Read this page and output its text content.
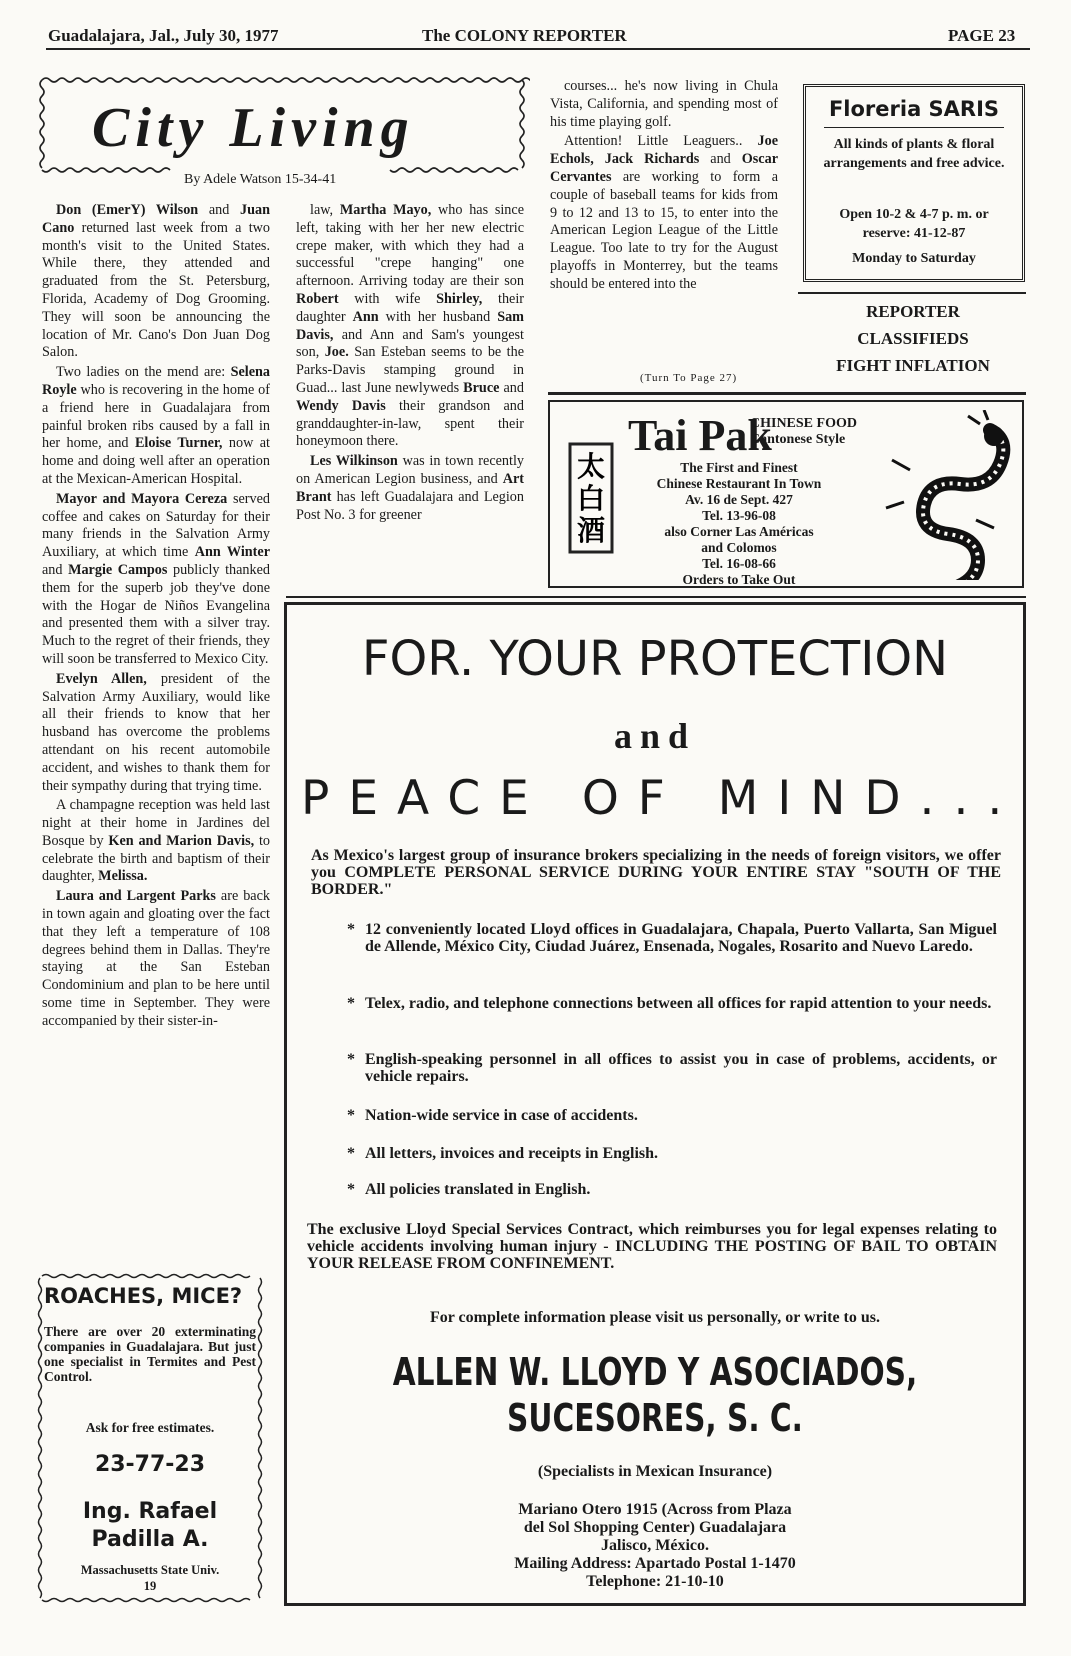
Guadalajara, Jal., July 30, 1977	The COLONY REPORTER	PAGE 23
City Living
By Adele Watson 15-34-41

Don (EmerY) Wilson and Juan Cano returned last week from a two month's visit to the United States. While there, they attended and graduated from the St. Petersburg, Florida, Academy of Dog Grooming. They will soon be announcing the location of Mr. Cano's Don Juan Dog Salon.

Two ladies on the mend are: Selena Royle who is recovering in the home of a friend here in Guadalajara from painful broken ribs caused by a fall in her home, and Eloise Turner, now at home and doing well after an operation at the Mexican-American Hospital.

Mayor and Mayora Cereza served coffee and cakes on Saturday for their many friends in the Salvation Army Auxiliary, at which time Ann Winter and Margie Campos publicly thanked them for the superb job they've done with the Hogar de Niños Evangelina and presented them with a silver tray. Much to the regret of their friends, they will soon be transferred to Mexico City.

Evelyn Allen, president of the Salvation Army Auxiliary, would like all their friends to know that her husband has overcome the problems attendant on his recent automobile accident, and wishes to thank them for their sympathy during that trying time.

A champagne reception was held last night at their home in Jardines del Bosque by Ken and Marion Davis, to celebrate the birth and baptism of their daughter, Melissa.

Laura and Largent Parks are back in town again and gloating over the fact that they left a temperature of 108 degrees behind them in Dallas. They're staying at the San Esteban Condominium and plan to be here until some time in September. They were accompanied by their sister-in-

law, Martha Mayo, who has since left, taking with her her new electric crepe maker, with which they had a successful "crepe hanging" one afternoon. Arriving today are their son Robert with wife Shirley, their daughter Ann with her husband Sam Davis, and Ann and Sam's youngest son, Joe. San Esteban seems to be the Parks-Davis stamping ground in Guad... last June newlyweds Bruce and Wendy Davis their grandson and granddaughter-in-law, spent their honeymoon there.

Les Wilkinson was in town recently on American Legion business, and Art Brant has left Guadalajara and Legion Post No. 3 for greener

courses... he's now living in Chula Vista, California, and spending most of his time playing golf.

Attention! Little Leaguers.. Joe Echols, Jack Richards and Oscar Cervantes are working to form a couple of baseball teams for kids from 9 to 12 and 13 to 15, to enter into the American Legion League of the Little League. Too late to try for the August playoffs in Monterrey, but the teams should be entered into the

(Turn To Page 27)
Floreria SARIS
All kinds of plants & floral arrangements and free advice.
Open 10-2 & 4-7 p. m. or reserve: 41-12-87
Monday to Saturday
REPORTER
CLASSIFIEDS
FIGHT INFLATION
太
白
酒
Tai Pak
CHINESE FOOD
Cantonese Style
The First and Finest
Chinese Restaurant In Town
Av. 16 de Sept. 427
Tel. 13-96-08
also Corner Las Américas
and Colomos
Tel. 16-08-66
Orders to Take Out
ROACHES, MICE?
There are over 20 exterminating companies in Guadalajara. But just one specialist in Termites and Pest Control.
Ask for free estimates.
23-77-23
Ing. Rafael
Padilla A.
Massachusetts State Univ.
19
FOR. YOUR PROTECTION
and
PEACE OF MIND...
As Mexico's largest group of insurance brokers specializing in the needs of foreign visitors, we offer you COMPLETE PERSONAL SERVICE DURING YOUR ENTIRE STAY "SOUTH OF THE BORDER."
* 12 conveniently located Lloyd offices in Guadalajara, Chapala, Puerto Vallarta, San Miguel de Allende, México City, Ciudad Juárez, Ensenada, Nogales, Rosarito and Nuevo Laredo.
* Telex, radio, and telephone connections between all offices for rapid attention to your needs.
* English-speaking personnel in all offices to assist you in case of problems, accidents, or vehicle repairs.
* Nation-wide service in case of accidents.
* All letters, invoices and receipts in English.
* All policies translated in English.
The exclusive Lloyd Special Services Contract, which reimburses you for legal expenses relating to vehicle accidents involving human injury - INCLUDING THE POSTING OF BAIL TO OBTAIN YOUR RELEASE FROM CONFINEMENT.
For complete information please visit us personally, or write to us.
ALLEN W. LLOYD Y ASOCIADOS,
SUCESORES, S. C.
(Specialists in Mexican Insurance)
Mariano Otero 1915 (Across from Plaza
del Sol Shopping Center) Guadalajara
Jalisco, México.
Mailing Address: Apartado Postal 1-1470
Telephone: 21-10-10
